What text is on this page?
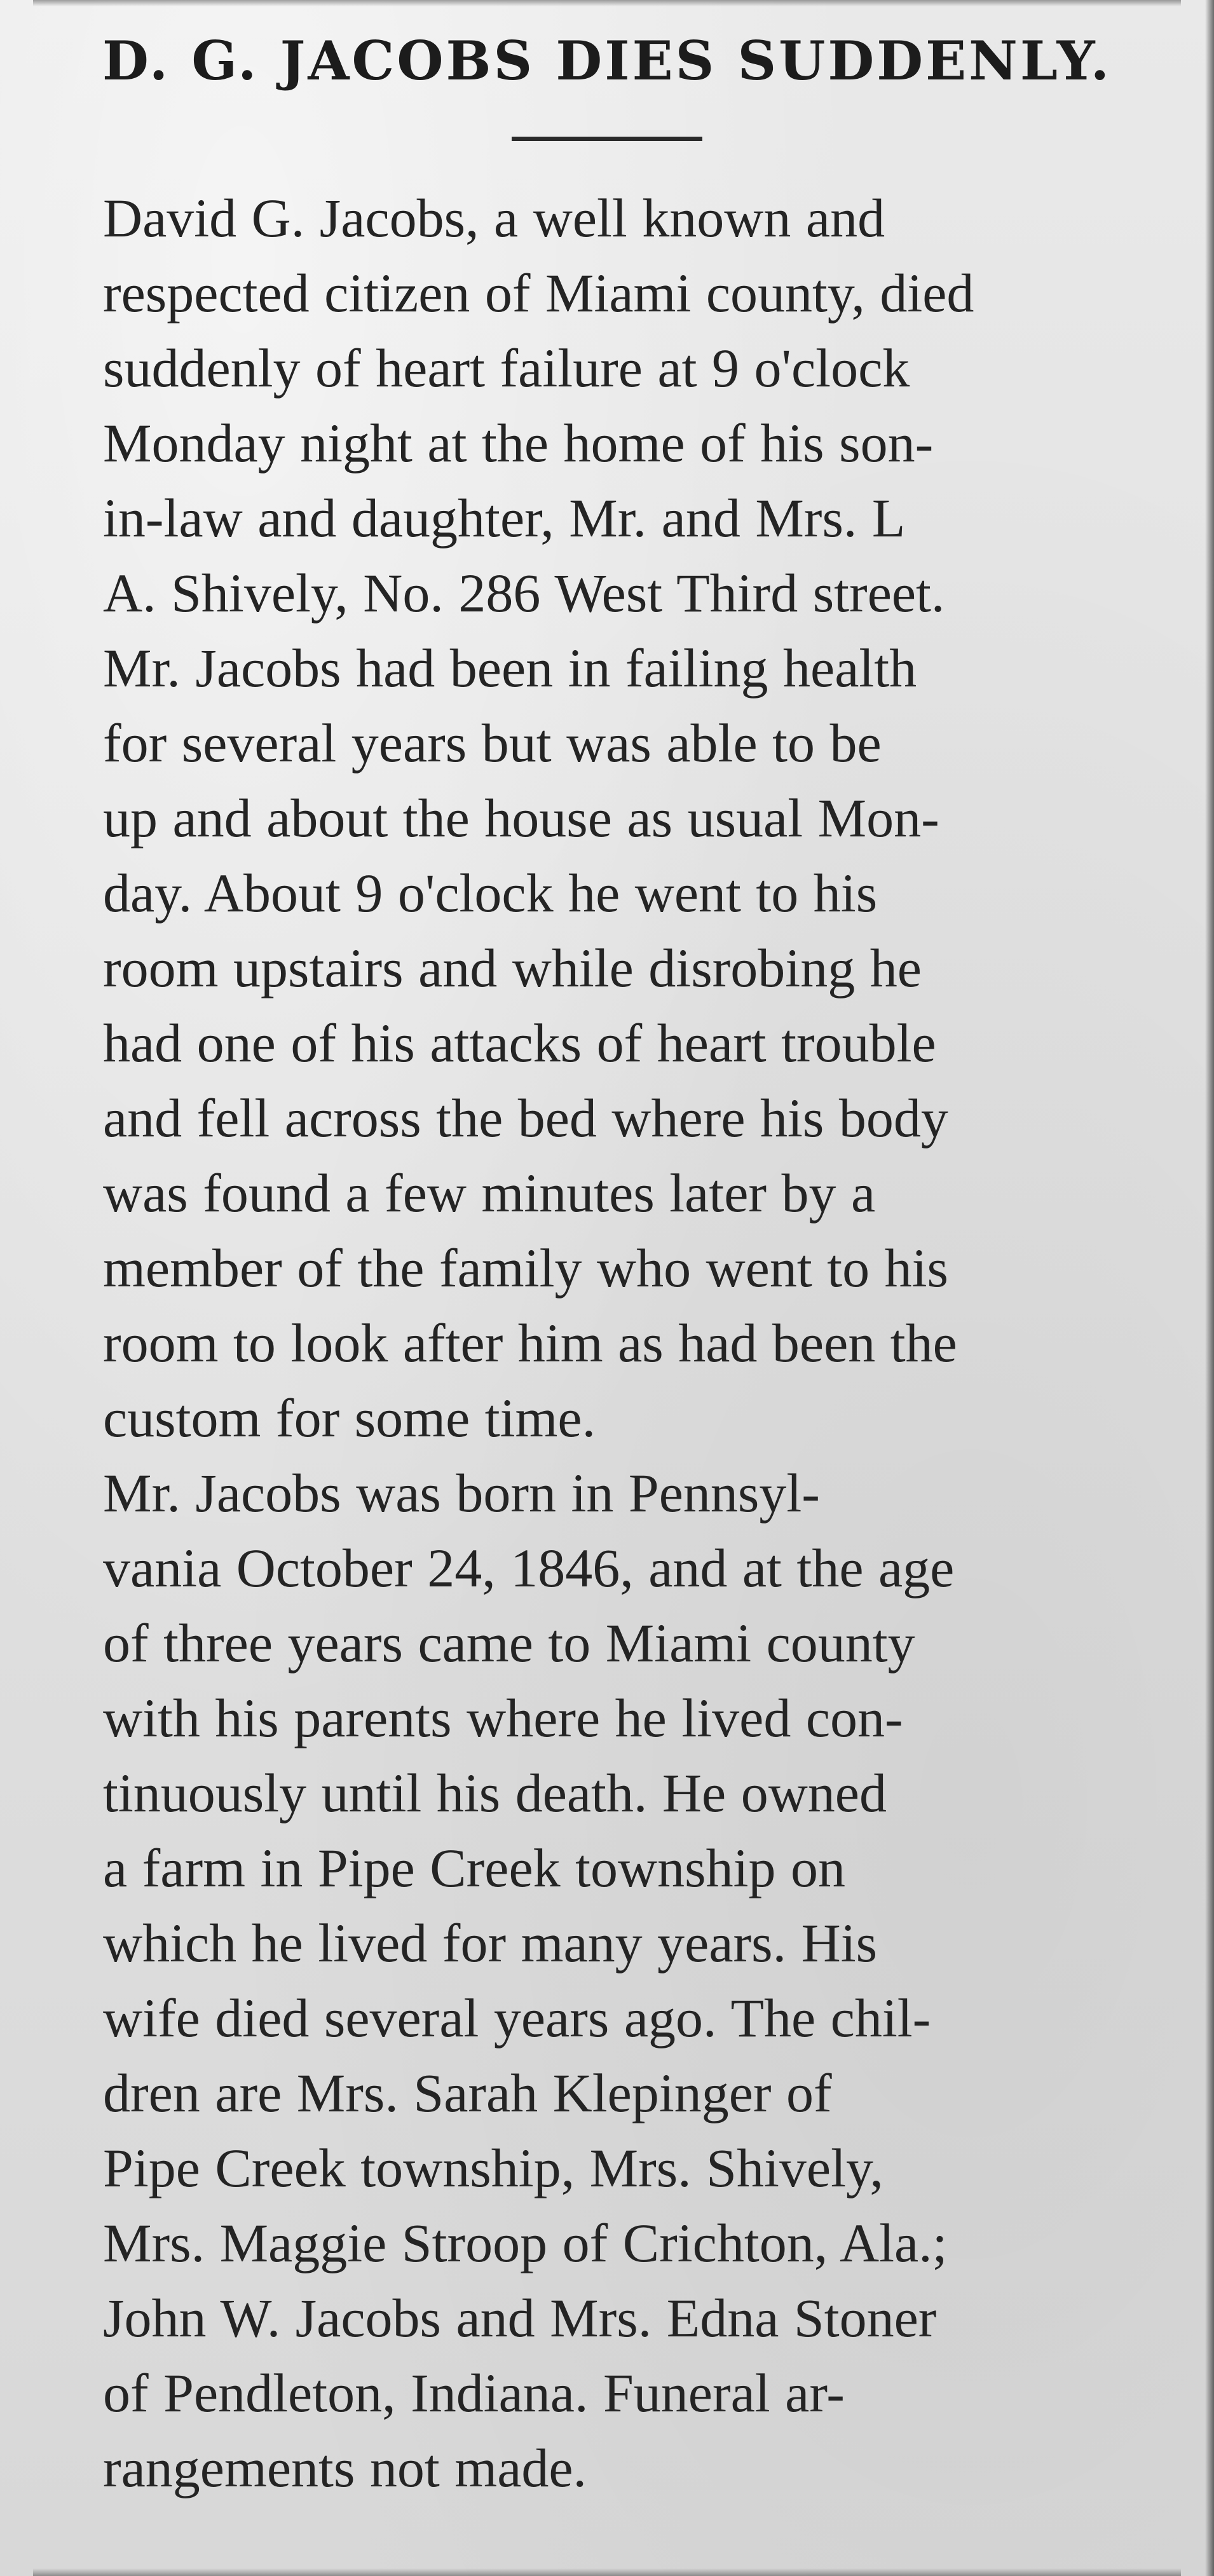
D. G. JACOBS DIES SUDDENLY.

David G. Jacobs, a well known and
respected citizen of Miami county, died
suddenly of heart failure at 9 o'clock
Monday night at the home of his son-
in-law and daughter, Mr. and Mrs. L
A. Shively, No. 286 West Third street.
Mr. Jacobs had been in failing health
for several years but was able to be
up and about the house as usual Mon-
day. About 9 o'clock he went to his
room upstairs and while disrobing he
had one of his attacks of heart trouble
and fell across the bed where his body
was found a few minutes later by a
member of the family who went to his
room to look after him as had been the
custom for some time.

Mr. Jacobs was born in Pennsyl-
vania October 24, 1846, and at the age
of three years came to Miami county
with his parents where he lived con-
tinuously until his death. He owned
a farm in Pipe Creek township on
which he lived for many years. His
wife died several years ago. The chil-
dren are Mrs. Sarah Klepinger of
Pipe Creek township, Mrs. Shively,
Mrs. Maggie Stroop of Crichton, Ala.;
John W. Jacobs and Mrs. Edna Stoner
of Pendleton, Indiana. Funeral ar-
rangements not made.
